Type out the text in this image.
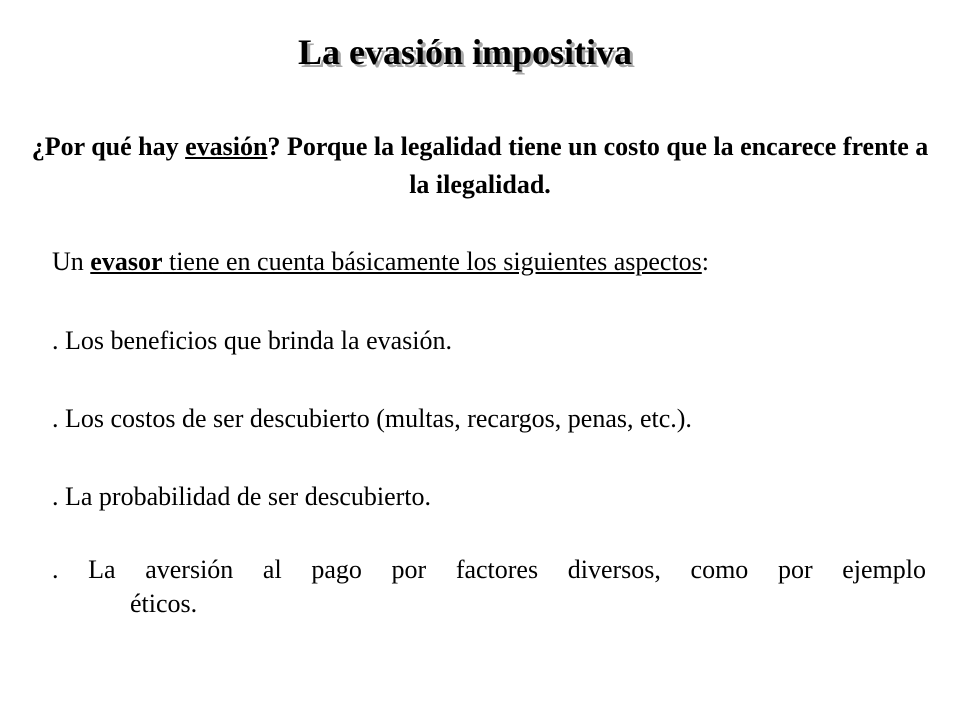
La evasión impositiva

¿Por qué hay evasión? Porque la legalidad tiene un costo que la encarece frente a la ilegalidad.

Un evasor tiene en cuenta básicamente los siguientes aspectos:

. Los beneficios que brinda la evasión.

. Los costos de ser descubierto (multas, recargos, penas, etc.).

. La probabilidad de ser descubierto.

. La aversión al pago por factores diversos, como por ejemplo
éticos.
